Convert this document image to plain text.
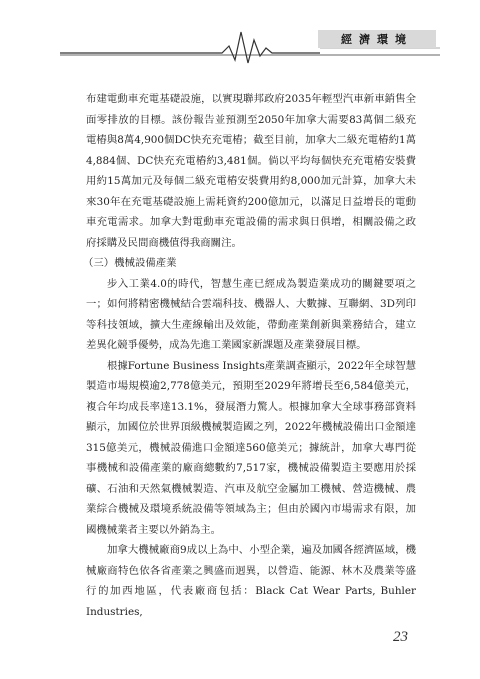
經濟環境

布建電動車充電基礎設施，以實現聯邦政府2035年輕型汽車新車銷售全面零排放的目標。該份報告並預測至2050年加拿大需要83萬個二級充電樁與8萬4,900個DC快充充電樁；截至目前，加拿大二級充電樁約1萬4,884個、DC快充充電樁約3,481個。倘以平均每個快充充電樁安裝費用約15萬加元及每個二級充電樁安裝費用約8,000加元計算，加拿大未來30年在充電基礎設施上需耗資約200億加元，以滿足日益增長的電動車充電需求。加拿大對電動車充電設備的需求與日俱增，相關設備之政府採購及民間商機值得我商關注。

（三）機械設備產業

步入工業4.0的時代，智慧生產已經成為製造業成功的關鍵要項之一；如何將精密機械結合雲端科技、機器人、大數據、互聯網、3D列印等科技領域，擴大生產線輸出及效能，帶動產業創新與業務結合，建立差異化競爭優勢，成為先進工業國家新課題及產業發展目標。

根據Fortune Business Insights產業調查顯示，2022年全球智慧製造市場規模逾2,778億美元，預期至2029年將增長至6,584億美元，複合年均成長率達13.1%，發展潛力驚人。根據加拿大全球事務部資料顯示，加國位於世界頂級機械製造國之列，2022年機械設備出口金額達315億美元，機械設備進口金額達560億美元；據統計，加拿大專門從事機械和設備產業的廠商總數約7,517家，機械設備製造主要應用於採礦、石油和天然氣機械製造、汽車及航空金屬加工機械、營造機械、農業綜合機械及環境系統設備等領域為主；但由於國內市場需求有限，加國機械業者主要以外銷為主。

加拿大機械廠商9成以上為中、小型企業，遍及加國各經濟區域，機械廠商特色依各省產業之興盛而迥異，以營造、能源、林木及農業等盛行的加西地區，代表廠商包括：Black Cat Wear Parts, Buhler Industries,

23
